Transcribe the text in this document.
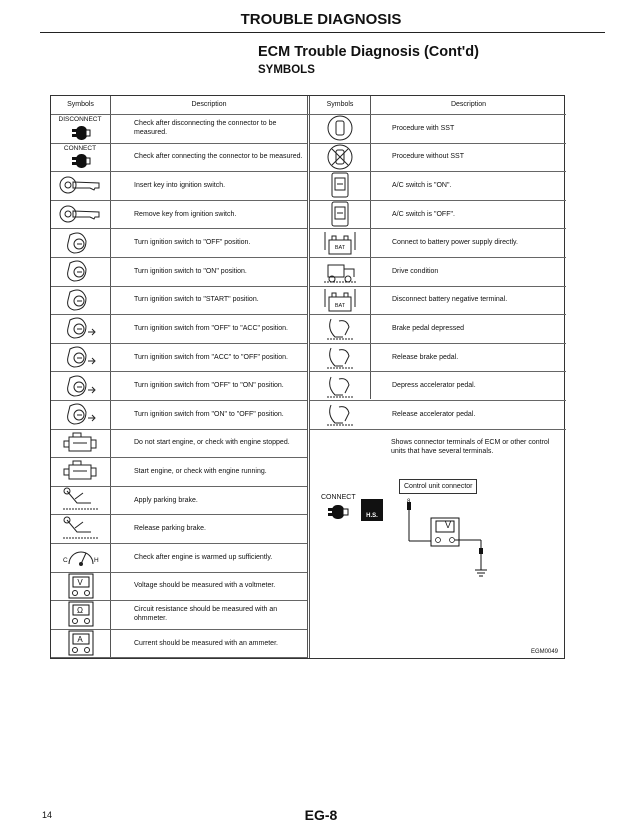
TROUBLE DIAGNOSIS
ECM Trouble Diagnosis (Cont'd)
SYMBOLS
Symbols	Description	Symbols	Description
DISCONNECT
Check after disconnecting the connector to be measured.
CONNECT
Check after connecting the connector to be measured.
Insert key into ignition switch.
Remove key from ignition switch.
Turn ignition switch to "OFF" position.
Turn ignition switch to "ON" position.
Turn ignition switch to "START" position.
Turn ignition switch from "OFF" to "ACC" position.
Turn ignition switch from "ACC" to "OFF" position.
Turn ignition switch from "OFF" to "ON" position.
Turn ignition switch from "ON" to "OFF" position.
Do not start engine, or check with engine stopped.
Start engine, or check with engine running.
Apply parking brake.
Release parking brake.
C	H	Check after engine is warmed up sufficiently.
V	Voltage should be measured with a voltmeter.
Ω	Circuit resistance should be measured with an ohmmeter.
A	Current should be measured with an ammeter.
Procedure with SST
Procedure without SST
A/C switch is "ON".
A/C switch is "OFF".
BAT
Connect to battery power supply directly.
Drive condition
BAT
Disconnect battery negative terminal.
Brake pedal depressed
Release brake pedal.
Depress accelerator pedal.
Release accelerator pedal.
Shows connector terminals of ECM or other control units that have several terminals.
CONNECT
H.S.
Control unit connector
V
EGM0049
14	EG-8
